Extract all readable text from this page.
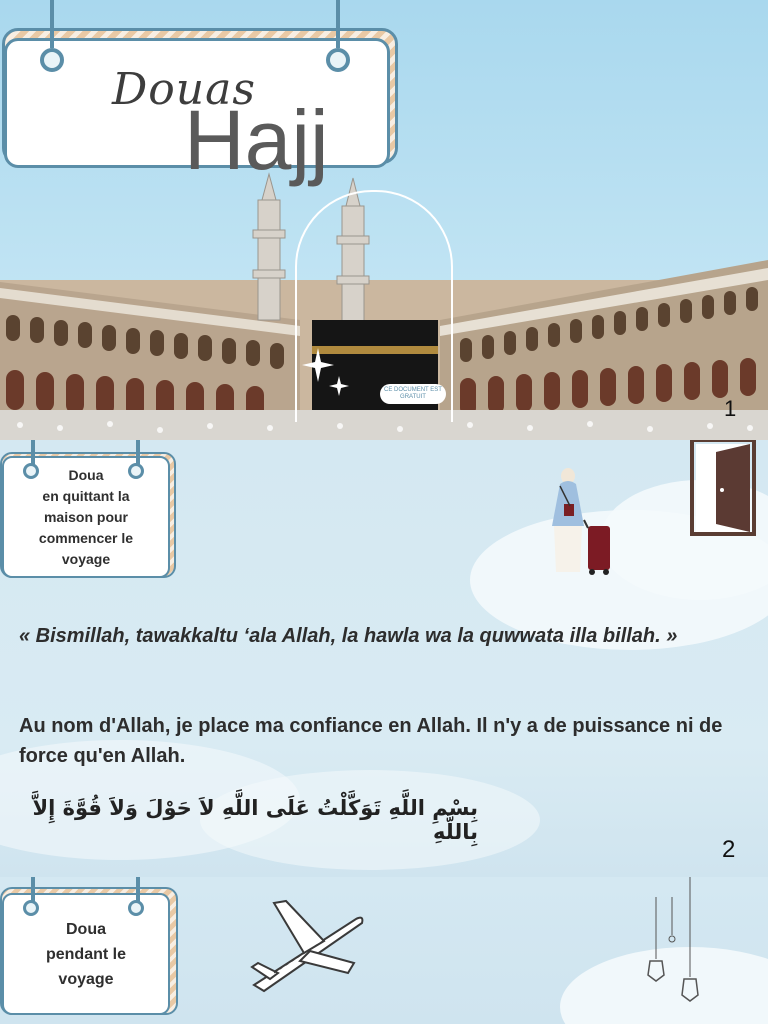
CE DOCUMENT EST GRATUIT
Douas
Hajj
1
Doua
en quittant la
maison pour
commencer le
voyage
« Bismillah, tawakkaltu ‘ala Allah, la hawla wa la quwwata illa billah. »
Au nom d'Allah, je place ma confiance en Allah. Il n'y a de puissance ni de force qu'en Allah.
بِسْمِ اللَّهِ تَوَكَّلْتُ عَلَى اللَّهِ لاَ حَوْلَ وَلاَ قُوَّةَ إِلاَّ بِاللَّهِ
2
Doua
pendant le
voyage
